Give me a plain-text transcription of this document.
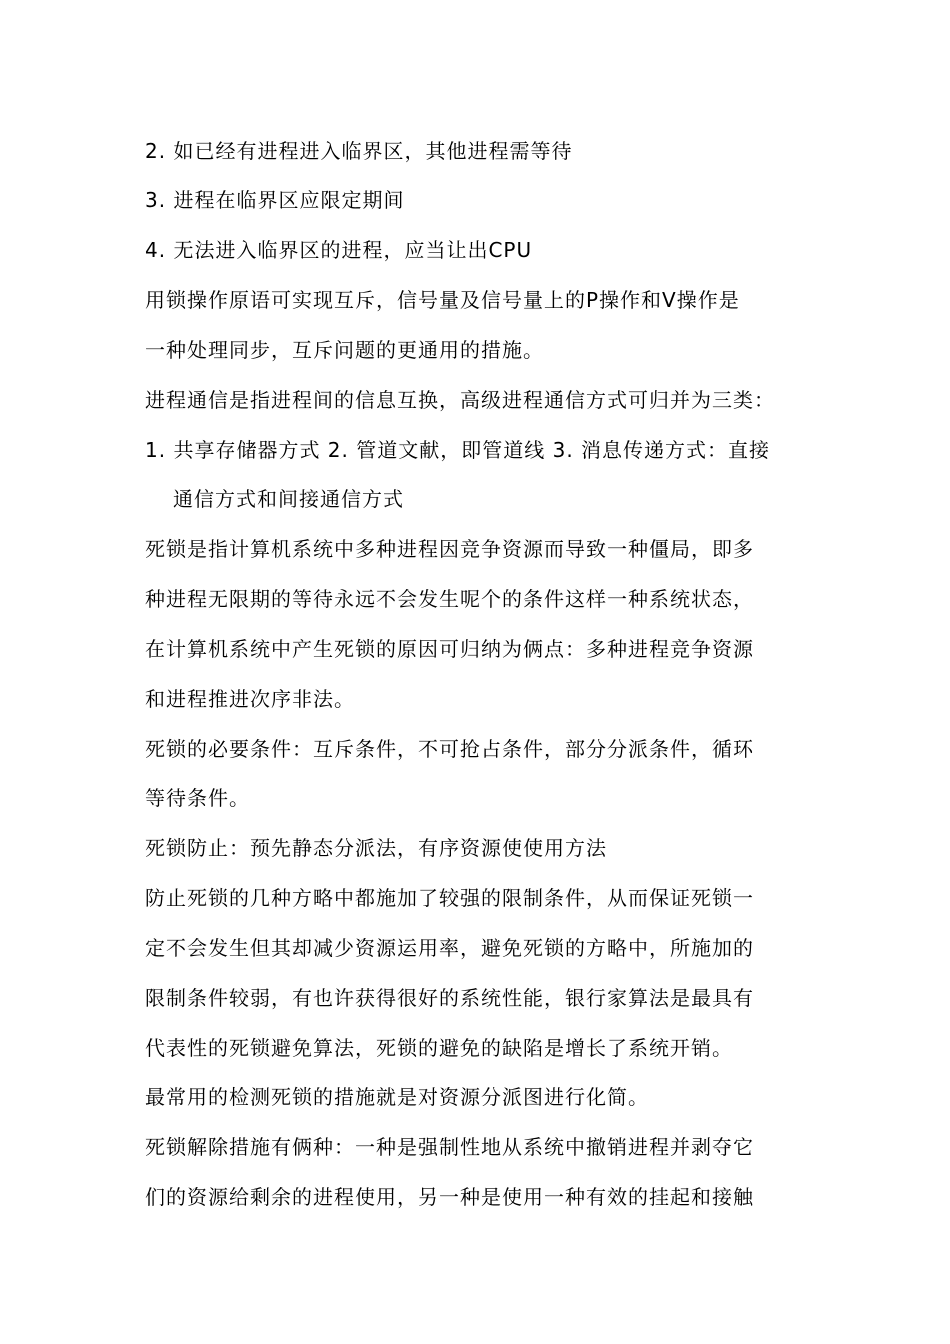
2. 如已经有进程进入临界区，其他进程需等待
3. 进程在临界区应限定期间
4. 无法进入临界区的进程，应当让出CPU
用锁操作原语可实现互斥，信号量及信号量上的P操作和V操作是
一种处理同步，互斥问题的更通用的措施。
进程通信是指进程间的信息互换，高级进程通信方式可归并为三类：
1. 共享存储器方式 2. 管道文献，即管道线 3. 消息传递方式：直接
通信方式和间接通信方式
死锁是指计算机系统中多种进程因竞争资源而导致一种僵局，即多
种进程无限期的等待永远不会发生呢个的条件这样一种系统状态，
在计算机系统中产生死锁的原因可归纳为俩点：多种进程竞争资源
和进程推进次序非法。
死锁的必要条件：互斥条件，不可抢占条件，部分分派条件，循环
等待条件。
死锁防止：预先静态分派法，有序资源使使用方法
防止死锁的几种方略中都施加了较强的限制条件，从而保证死锁一
定不会发生但其却减少资源运用率，避免死锁的方略中，所施加的
限制条件较弱，有也许获得很好的系统性能，银行家算法是最具有
代表性的死锁避免算法，死锁的避免的缺陷是增长了系统开销。
最常用的检测死锁的措施就是对资源分派图进行化简。
死锁解除措施有俩种：一种是强制性地从系统中撤销进程并剥夺它
们的资源给剩余的进程使用，另一种是使用一种有效的挂起和接触
